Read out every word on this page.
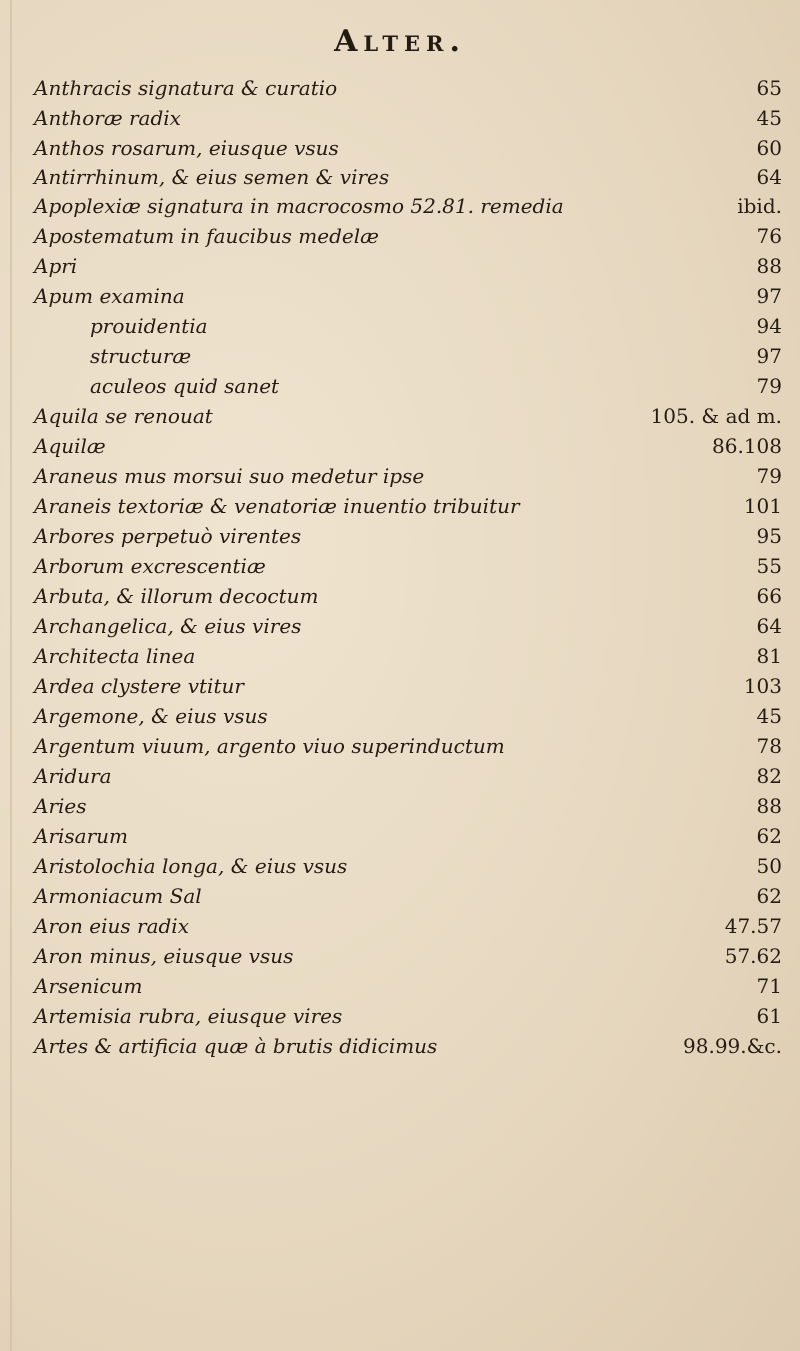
Alter.
Anthracis signatura & curatio	65
Anthoræ radix	45
Anthos rosarum, eiusque vsus	60
Antirrhinum, & eius semen & vires	64
Apoplexiæ signatura in macrocosmo 52.81. remedia	ibid.
Apostematum in faucibus medelæ	76
Apri	88
Apum examina	97
prouidentia	94
structuræ	97
aculeos quid sanet	79
Aquila se renouat	105. & ad m.
Aquilæ	86.108
Araneus mus morsui suo medetur ipse	79
Araneis textoriæ & venatoriæ inuentio tribuitur	101
Arbores perpetuò virentes	95
Arborum excrescentiæ	55
Arbuta, & illorum decoctum	66
Archangelica, & eius vires	64
Architecta linea	81
Ardea clystere vtitur	103
Argemone, & eius vsus	45
Argentum viuum, argento viuo superinductum	78
Aridura	82
Aries	88
Arisarum	62
Aristolochia longa, & eius vsus	50
Armoniacum Sal	62
Aron eius radix	47.57
Aron minus, eiusque vsus	57.62
Arsenicum	71
Artemisia rubra, eiusque vires	61
Artes & artificia quæ à brutis didicimus	98.99.&c.
